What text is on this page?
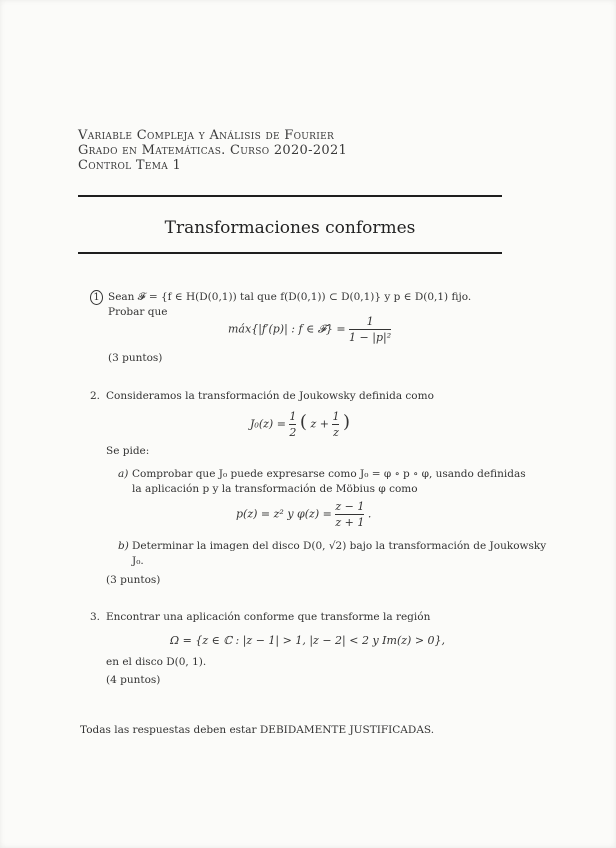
Variable Compleja y Análisis de Fourier
Grado en Matemáticas. Curso 2020-2021
Control Tema 1
Transformaciones conformes
1 Sean 𝓕 = {f ∈ H(D(0,1)) tal que f(D(0,1)) ⊂ D(0,1)} y p ∈ D(0,1) fijo.
Probar que
máx{|f′(p)| : f ∈ 𝓕} = $\frac{1}{\text{1 − |p|²}}$
(3 puntos)
2. Consideramos la transformación de Joukowsky definida como
$J_0(z) = \frac{1}{2}$ ( $z + \frac{1}{z}$ )
Se pide:
a) Comprobar que J₀ puede expresarse como J₀ = φ ∘ p ∘ φ, usando definidas
la aplicación p y la transformación de Möbius φ como
p(z) = z² y $\varphi(z) = \frac{z - 1}{z + 1}$ .
b) Determinar la imagen del disco D(0, √2) bajo la transformación de Joukowsky
J₀.
(3 puntos)
3. Encontrar una aplicación conforme que transforme la región
Ω = {z ∈ ℂ : |z − 1| > 1, |z − 2| < 2 y Im(z) > 0},
en el disco D(0, 1).
(4 puntos)
Todas las respuestas deben estar DEBIDAMENTE JUSTIFICADAS.
